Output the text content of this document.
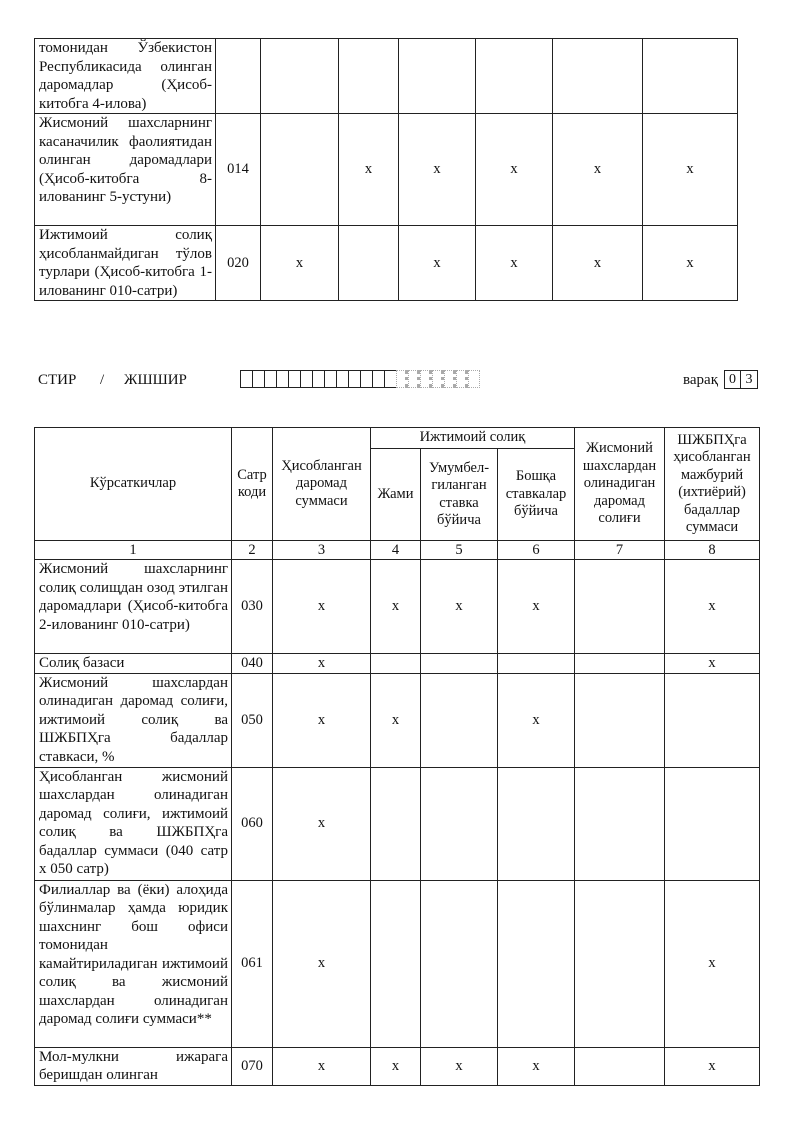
томонидан Ўзбекистон Республикасида олинган даромадлар (Ҳисоб-китобга 4-илова)							
Жисмоний шахсларнинг касаначилик фаолиятидан олинган даромадлари (Ҳисоб-китобга 8-илованинг 5-устуни)	014		x	x	x	x	x
Ижтимоий солиқ ҳисобланмайдиган тўлов турлари (Ҳисоб-китобга 1-илованинг 010-сатри)	020	x		x	x	x	x
СТИР / ЖШШИР	варақ 0 3
Кўрсаткичлар	Сатр коди	Ҳисобланган даромад суммаси	Ижтимоий солиқ			Жисмоний шахслардан олинадиган даромад солиғи	ШЖБПҲга ҳисобланган мажбурий (ихтиёрий) бадаллар суммаси
			Жами	Умумбел-гиланган ставка бўйича	Бошқа ставкалар бўйича		
1	2	3	4	5	6	7	8
Жисмоний шахсларнинг солиқ солищдан озод этилган даромадлари (Ҳисоб-китобга 2-илованинг 010-сатри)	030	x	x	x	x		x
Солиқ базаси	040	x					x
Жисмоний шахслардан олинадиган даромад солиғи, ижтимоий солиқ ва ШЖБПҲга бадаллар ставкаси, %	050	x	x		x		
Ҳисобланган жисмоний шахслардан олинадиган даромад солиғи, ижтимоий солиқ ва ШЖБПҲга бадаллар суммаси (040 сатр х 050 сатр)	060	x					
Филиаллар ва (ёки) алоҳида бўлинмалар ҳамда юридик шахснинг бош офиси томонидан камайтириладиган ижтимоий солиқ ва жисмоний шахслардан олинадиган даромад солиғи суммаси**	061	x					x
Мол-мулкни ижарага беришдан олинган	070	x	x	x	x		x
